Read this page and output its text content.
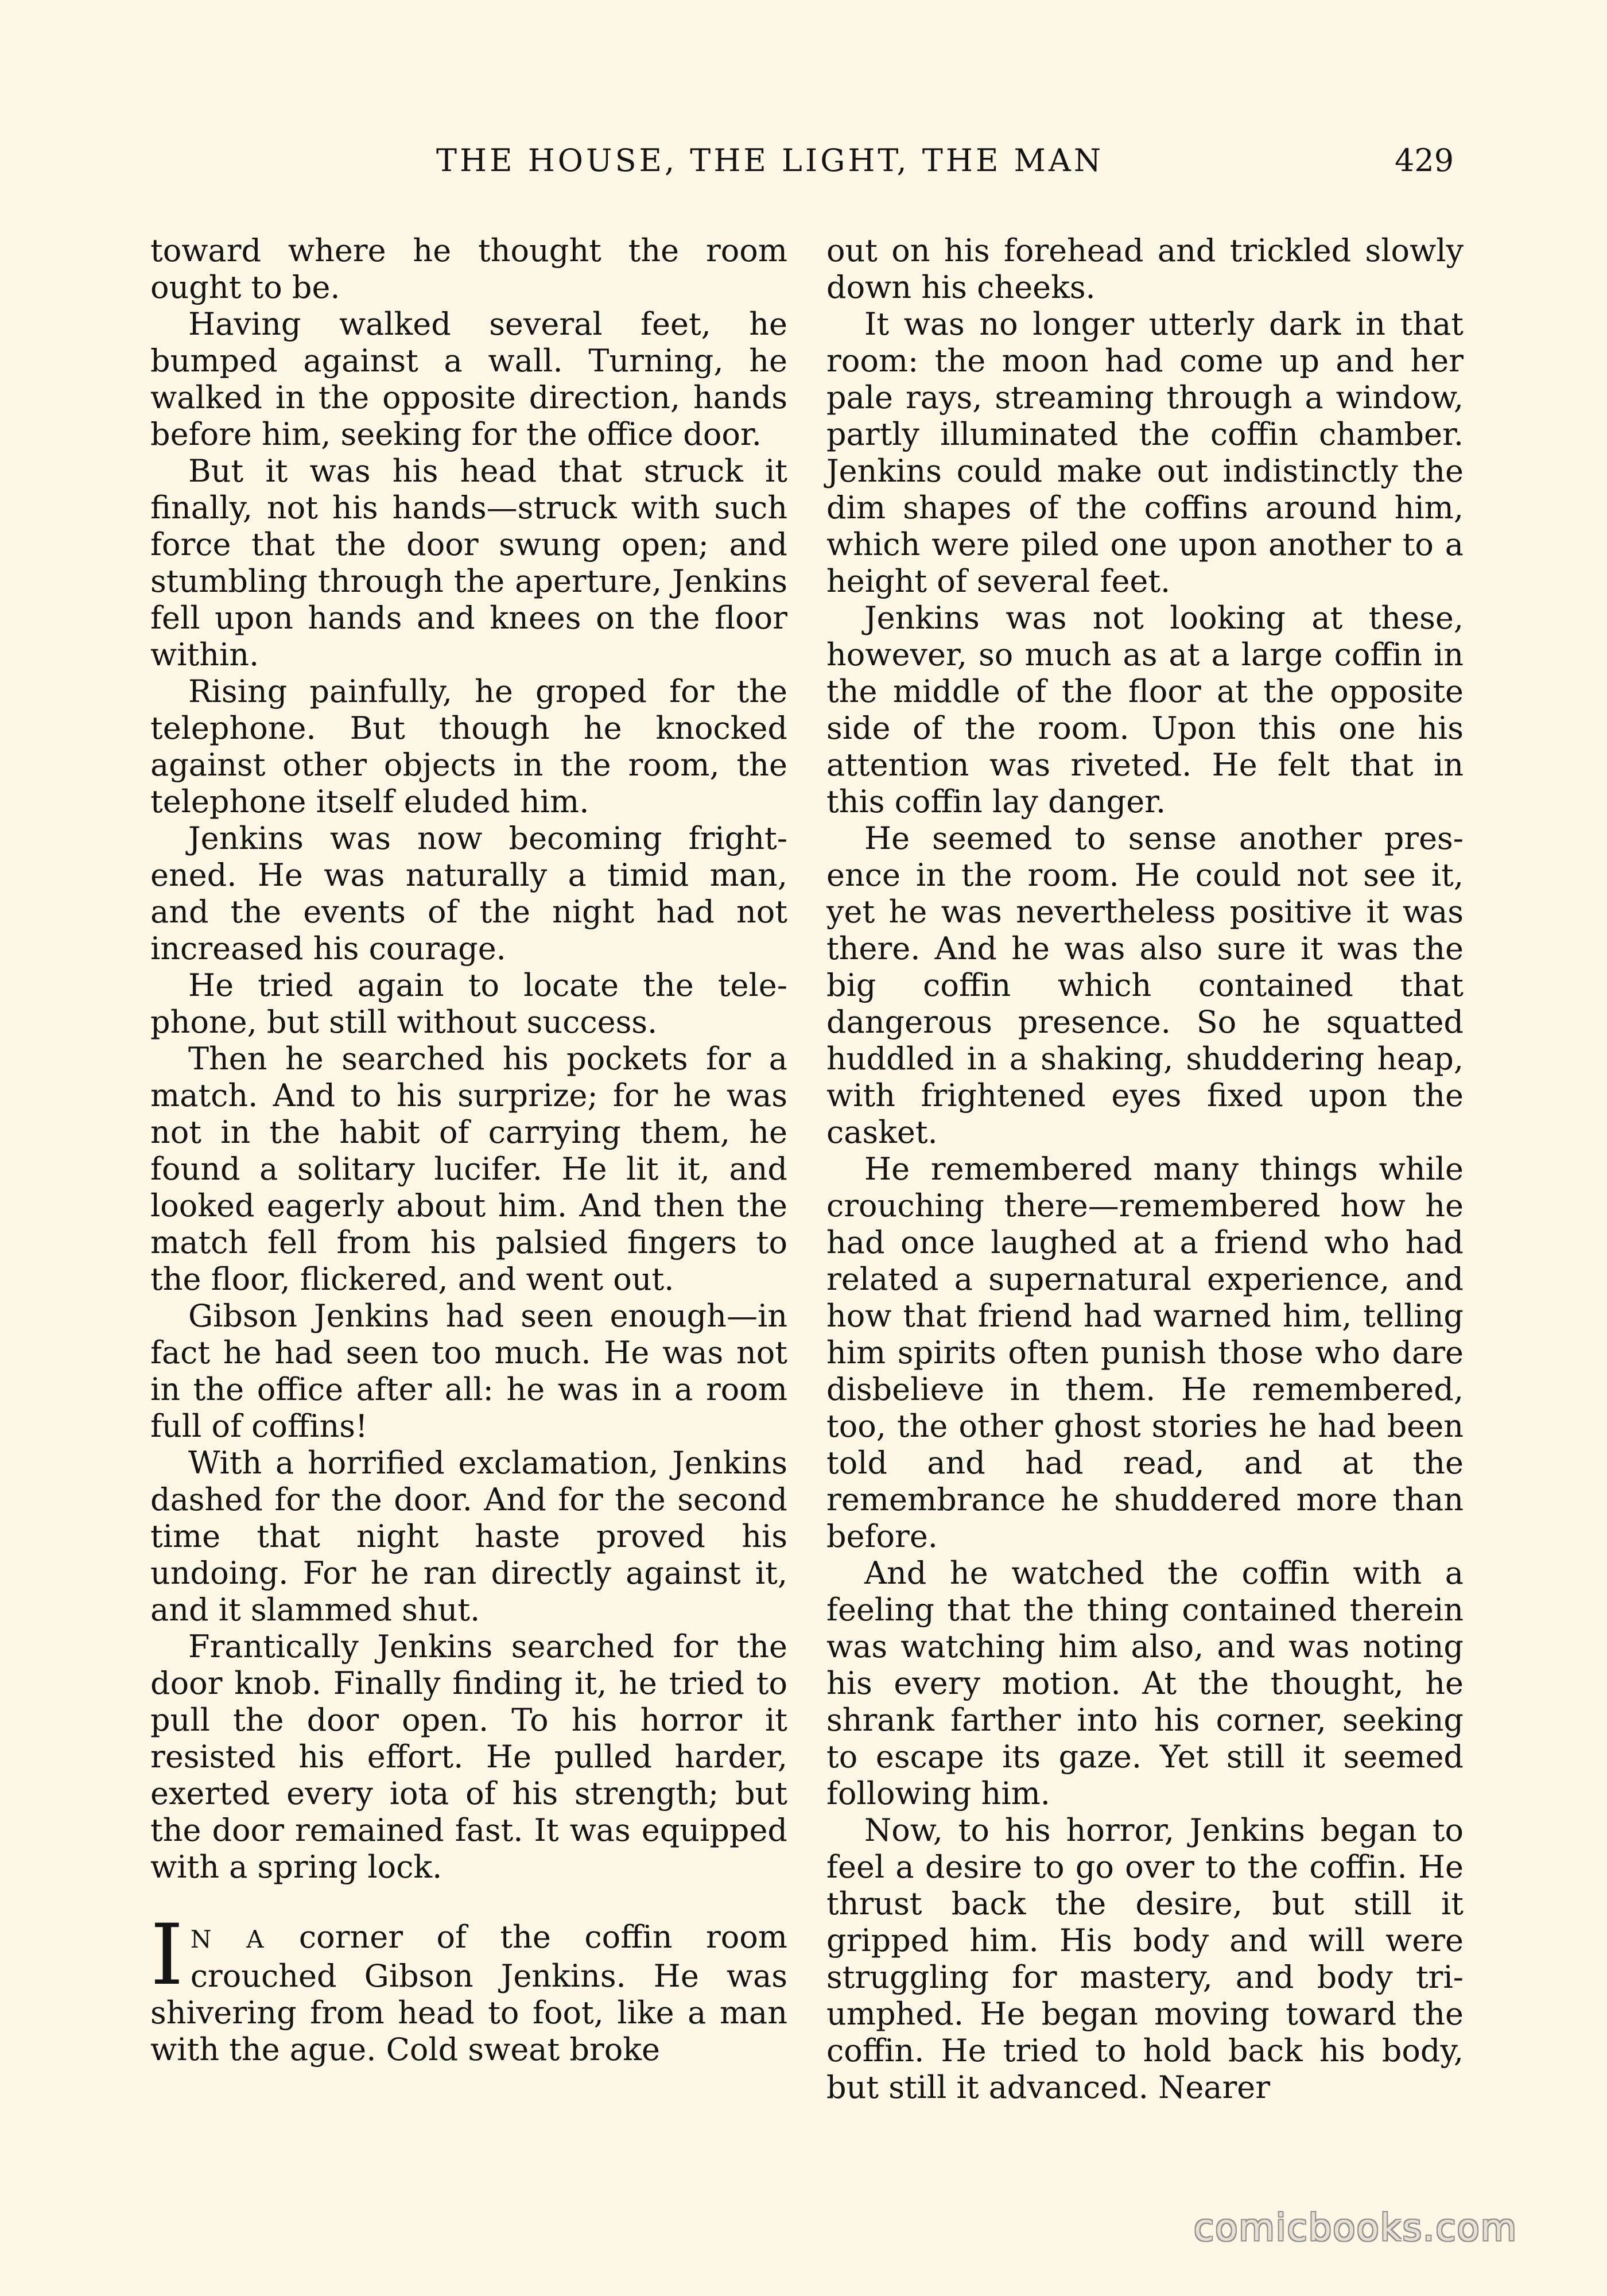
THE HOUSE, THE LIGHT, THE MAN	429

toward where he thought the room ought to be.

Having walked several feet, he bumped against a wall. Turning, he walked in the opposite direction, hands before him, seeking for the office door.

But it was his head that struck it finally, not his hands—struck with such force that the door swung open; and stumbling through the aperture, Jenkins fell upon hands and knees on the floor within.

Rising painfully, he groped for the telephone. But though he knocked against other objects in the room, the telephone itself eluded him.

Jenkins was now becoming frightened. He was naturally a timid man, and the events of the night had not increased his courage.

He tried again to locate the telephone, but still without success.

Then he searched his pockets for a match. And to his surprize; for he was not in the habit of carrying them, he found a solitary lucifer. He lit it, and looked eagerly about him. And then the match fell from his palsied fingers to the floor, flickered, and went out.

Gibson Jenkins had seen enough—in fact he had seen too much. He was not in the office after all: he was in a room full of coffins!

With a horrified exclamation, Jenkins dashed for the door. And for the second time that night haste proved his undoing. For he ran directly against it, and it slammed shut.

Frantically Jenkins searched for the door knob. Finally finding it, he tried to pull the door open. To his horror it resisted his effort. He pulled harder, exerted every iota of his strength; but the door remained fast. It was equipped with a spring lock.

I N A corner of the coffin room crouched Gibson Jenkins. He was shivering from head to foot, like a man with the ague. Cold sweat broke

out on his forehead and trickled slowly down his cheeks.

It was no longer utterly dark in that room: the moon had come up and her pale rays, streaming through a window, partly illuminated the coffin chamber. Jenkins could make out indistinctly the dim shapes of the coffins around him, which were piled one upon another to a height of several feet.

Jenkins was not looking at these, however, so much as at a large coffin in the middle of the floor at the opposite side of the room. Upon this one his attention was riveted. He felt that in this coffin lay danger.

He seemed to sense another presence in the room. He could not see it, yet he was nevertheless positive it was there. And he was also sure it was the big coffin which contained that dangerous presence. So he squatted huddled in a shaking, shuddering heap, with frightened eyes fixed upon the casket.

He remembered many things while crouching there—remembered how he had once laughed at a friend who had related a supernatural experience, and how that friend had warned him, telling him spirits often punish those who dare disbelieve in them. He remembered, too, the other ghost stories he had been told and had read, and at the remembrance he shuddered more than before.

And he watched the coffin with a feeling that the thing contained therein was watching him also, and was noting his every motion. At the thought, he shrank farther into his corner, seeking to escape its gaze. Yet still it seemed following him.

Now, to his horror, Jenkins began to feel a desire to go over to the coffin. He thrust back the desire, but still it gripped him. His body and will were struggling for mastery, and body triumphed. He began moving toward the coffin. He tried to hold back his body, but still it advanced. Nearer

comicbooks.com
